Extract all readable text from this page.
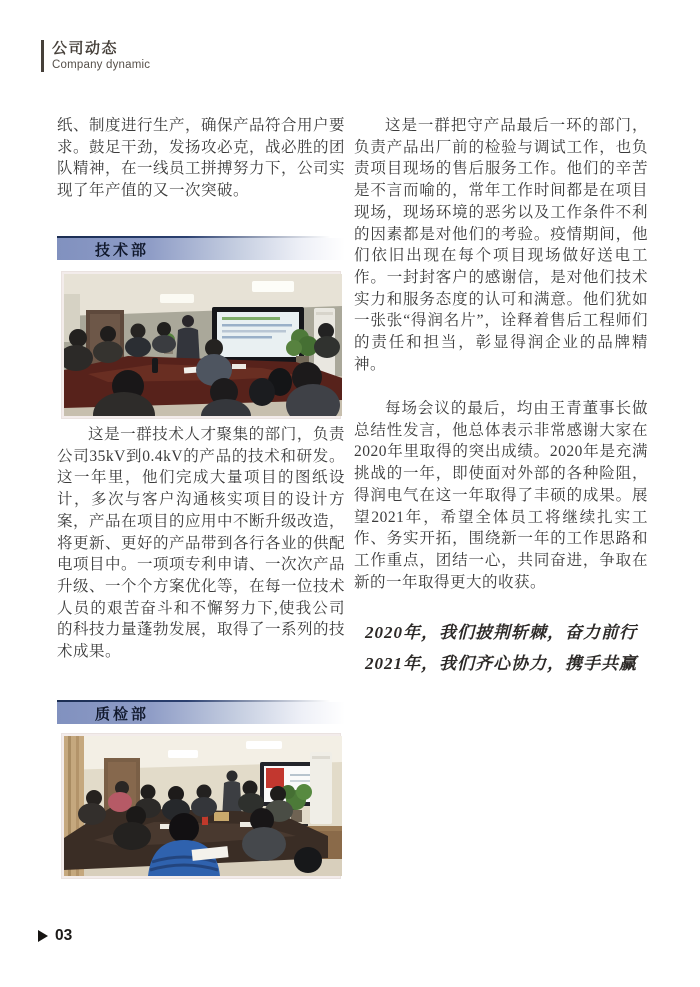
公司动态
Company dynamic
纸、制度进行生产，确保产品符合用户要求。鼓足干劲，发扬攻必克，战必胜的团队精神，在一线员工拼搏努力下，公司实现了年产值的又一次突破。
技术部
这是一群技术人才聚集的部门，负责公司35kV到0.4kV的产品的技术和研发。这一年里，他们完成大量项目的图纸设计，多次与客户沟通核实项目的设计方案，产品在项目的应用中不断升级改造，将更新、更好的产品带到各行各业的供配电项目中。一项项专利申请、一次次产品升级、一个个方案优化等，在每一位技术人员的艰苦奋斗和不懈努力下,使我公司的科技力量蓬勃发展，取得了一系列的技术成果。
质检部
这是一群把守产品最后一环的部门，负责产品出厂前的检验与调试工作，也负责项目现场的售后服务工作。他们的辛苦是不言而喻的，常年工作时间都是在项目现场，现场环境的恶劣以及工作条件不利的因素都是对他们的考验。疫情期间，他们依旧出现在每个项目现场做好送电工作。一封封客户的感谢信，是对他们技术实力和服务态度的认可和满意。他们犹如一张张“得润名片”，诠释着售后工程师们的责任和担当，彰显得润企业的品牌精神。
每场会议的最后，均由王青董事长做总结性发言，他总体表示非常感谢大家在2020年里取得的突出成绩。2020年是充满挑战的一年，即使面对外部的各种险阻，得润电气在这一年取得了丰硕的成果。展望2021年，希望全体员工将继续扎实工作、务实开拓，围绕新一年的工作思路和工作重点，团结一心，共同奋进，争取在新的一年取得更大的收获。
2020年，我们披荆斩棘，奋力前行
2021年，我们齐心协力，携手共赢
03
